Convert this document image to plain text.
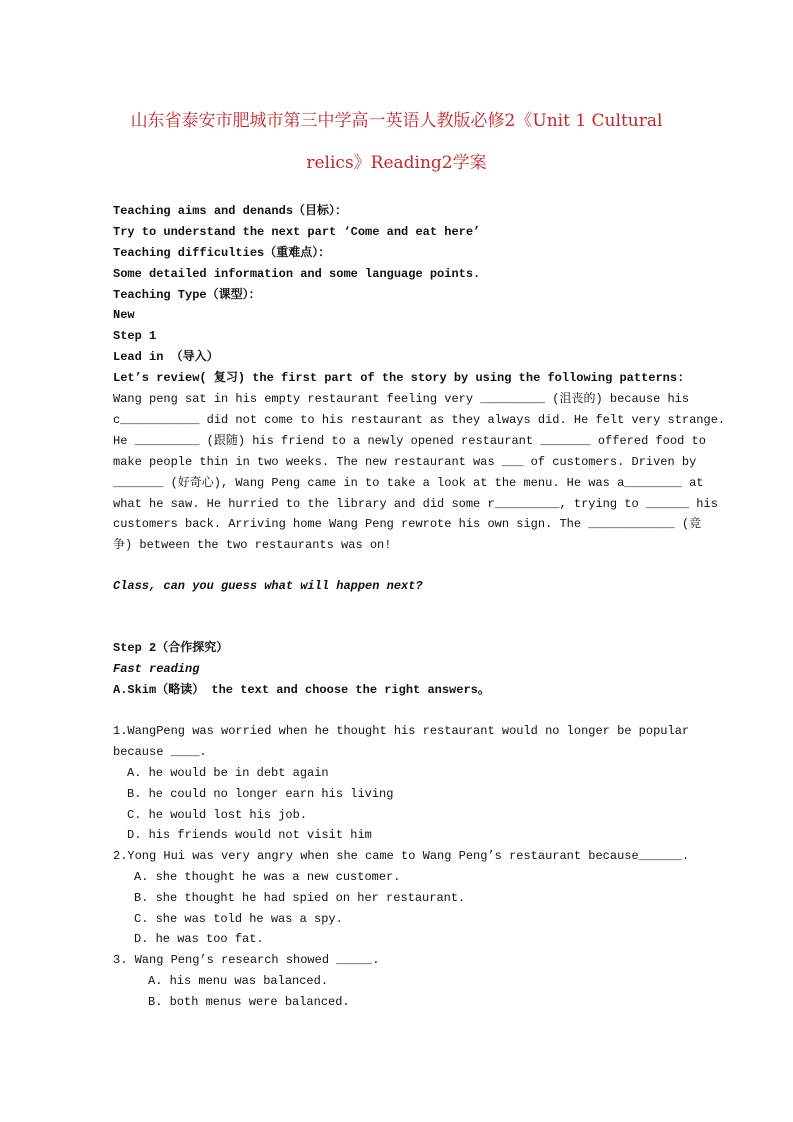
山东省泰安市肥城市第三中学高一英语人教版必修2《Unit 1 Cultural
relics》Reading2学案
Teaching aims and denands（目标）：
Try to understand the next part ‘Come and eat here’
Teaching difficulties（重难点）：
Some detailed information and some language points.
Teaching Type（课型）：
New
Step 1
Lead in （导入）
Let’s review( 复习) the first part of the story by using the following patterns:
Wang peng sat in his empty restaurant feeling very _________ (沮丧的) because his
c___________ did not come to his restaurant as they always did. He felt very strange.
He _________ (跟随) his friend to a newly opened restaurant _______ offered food to
make people thin in two weeks. The new restaurant was ___ of customers. Driven by
_______ (好奇心), Wang Peng came in to take a look at the menu. He was a________ at
what he saw. He hurried to the library and did some r_________, trying to ______ his
customers back. Arriving home Wang Peng rewrote his own sign. The ____________ (竞
争) between the two restaurants was on!
Class, can you guess what will happen next?
Step 2（合作探究）
Fast reading
A.Skim（略读） the text and choose the right answers。
1.WangPeng was worried when he thought his restaurant would no longer be popular
because ____.
A. he would be in debt again
B. he could no longer earn his living
C. he would lost his job.
D. his friends would not visit him
2.Yong Hui was very angry when she came to Wang Peng’s restaurant because______.
A. she thought he was a new customer.
B. she thought he had spied on her restaurant.
C. she was told he was a spy.
D. he was too fat.
3. Wang Peng’s research showed _____.
A. his menu was balanced.
B. both menus were balanced.
